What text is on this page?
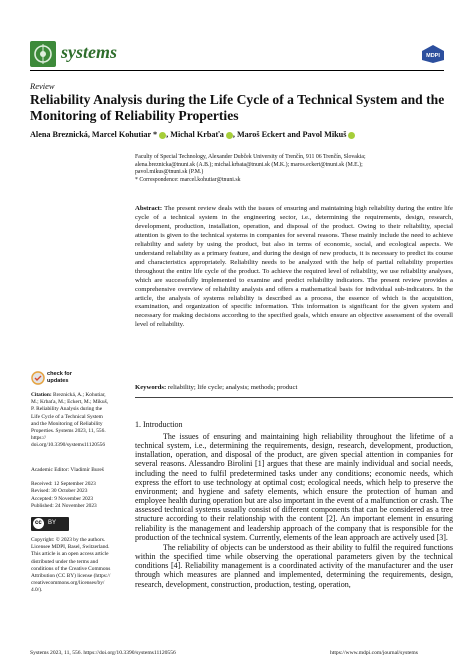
systems	MDPI
Review
Reliability Analysis during the Life Cycle of a Technical System and the Monitoring of Reliability Properties
Alena Breznická, Marcel Kohutiar * , Michal Krbaťa , Maroš Eckert and Pavol Mikuš
Faculty of Special Technology, Alexander Dubček University of Trenčín, 911 06 Trenčín, Slovakia;
alena.breznicka@tnuni.sk (A.B.); michal.krbata@tnuni.sk (M.K.); maros.eckert@tnuni.sk (M.E.);
pavol.mikus@tnuni.sk (P.M.)
* Correspondence: marcel.kohutiar@tnuni.sk
Abstract: The present review deals with the issues of ensuring and maintaining high reliability during the entire life cycle of a technical system in the engineering sector, i.e., determining the requirements, design, research, development, production, installation, operation, and disposal of the product. Owing to their reliability, special attention is given to the technical systems in companies for several reasons. These mainly include the need to achieve reliability and safety by using the product, but also in terms of economic, social, and ecological aspects. We understand reliability as a primary feature, and during the design of new products, it is necessary to predict its course and characteristics appropriately. Reliability needs to be analyzed with the help of partial reliability properties throughout the entire life cycle of the product. To achieve the required level of reliability, we use reliability analyses, which are successfully implemented to examine and predict reliability indicators. The present review provides a comprehensive overview of reliability analysis and offers a mathematical basis for individual sub-indicators. In the article, the analysis of systems reliability is described as a process, the essence of which is the acquisition, examination, and organization of specific information. This information is significant for the given system and necessary for making decisions according to the specified goals, which ensure an objective assessment of the overall level of reliability.
Keywords: reliability; life cycle; analysis; methods; product
check for
updates
Citation: Breznická, A.; Kohutiar, M.; Krbaťa, M.; Eckert, M.; Mikuš, P. Reliability Analysis during the Life Cycle of a Technical System and the Monitoring of Reliability Properties. Systems 2023, 11, 556. https:// doi.org/10.3390/systems11120556
Academic Editor: Vladimír Bureš
Received: 12 September 2023
Revised: 30 October 2023
Accepted: 9 November 2023
Published: 24 November 2023
cc BY
Copyright: © 2023 by the authors. Licensee MDPI, Basel, Switzerland. This article is an open access article distributed under the terms and conditions of the Creative Commons Attribution (CC BY) license (https:// creativecommons.org/licenses/by/ 4.0/).
1. Introduction

The issues of ensuring and maintaining high reliability throughout the lifetime of a technical system, i.e., determining the requirements, design, research, development, production, installation, operation, and disposal of the product, are given special attention in companies for several reasons. Alessandro Birolini [1] argues that these are mainly individual and social needs, including the need to fulfil predetermined tasks under any conditions; economic needs, which express the effort to use technology at optimal cost; ecological needs, which help to preserve the environment; and hygiene and safety elements, which ensure the protection of human and employee health during operation but are also important in the event of a malfunction or crash. The assessed technical systems usually consist of different components that can be considered as a tree structure according to their relationship with the content [2]. An important element in ensuring reliability is the management and leadership approach of the company that is responsible for the production of the technical system. Currently, elements of the lean approach are actively used [3].

The reliability of objects can be understood as their ability to fulfil the required functions within the specified time while observing the operational parameters given by the technical conditions [4]. Reliability management is a coordinated activity of the manufacturer and the user through which measures are planned and implemented, determining the requirements, design, research, development, construction, production, testing, operation,

Systems 2023, 11, 556. https://doi.org/10.3390/systems11120556	https://www.mdpi.com/journal/systems
